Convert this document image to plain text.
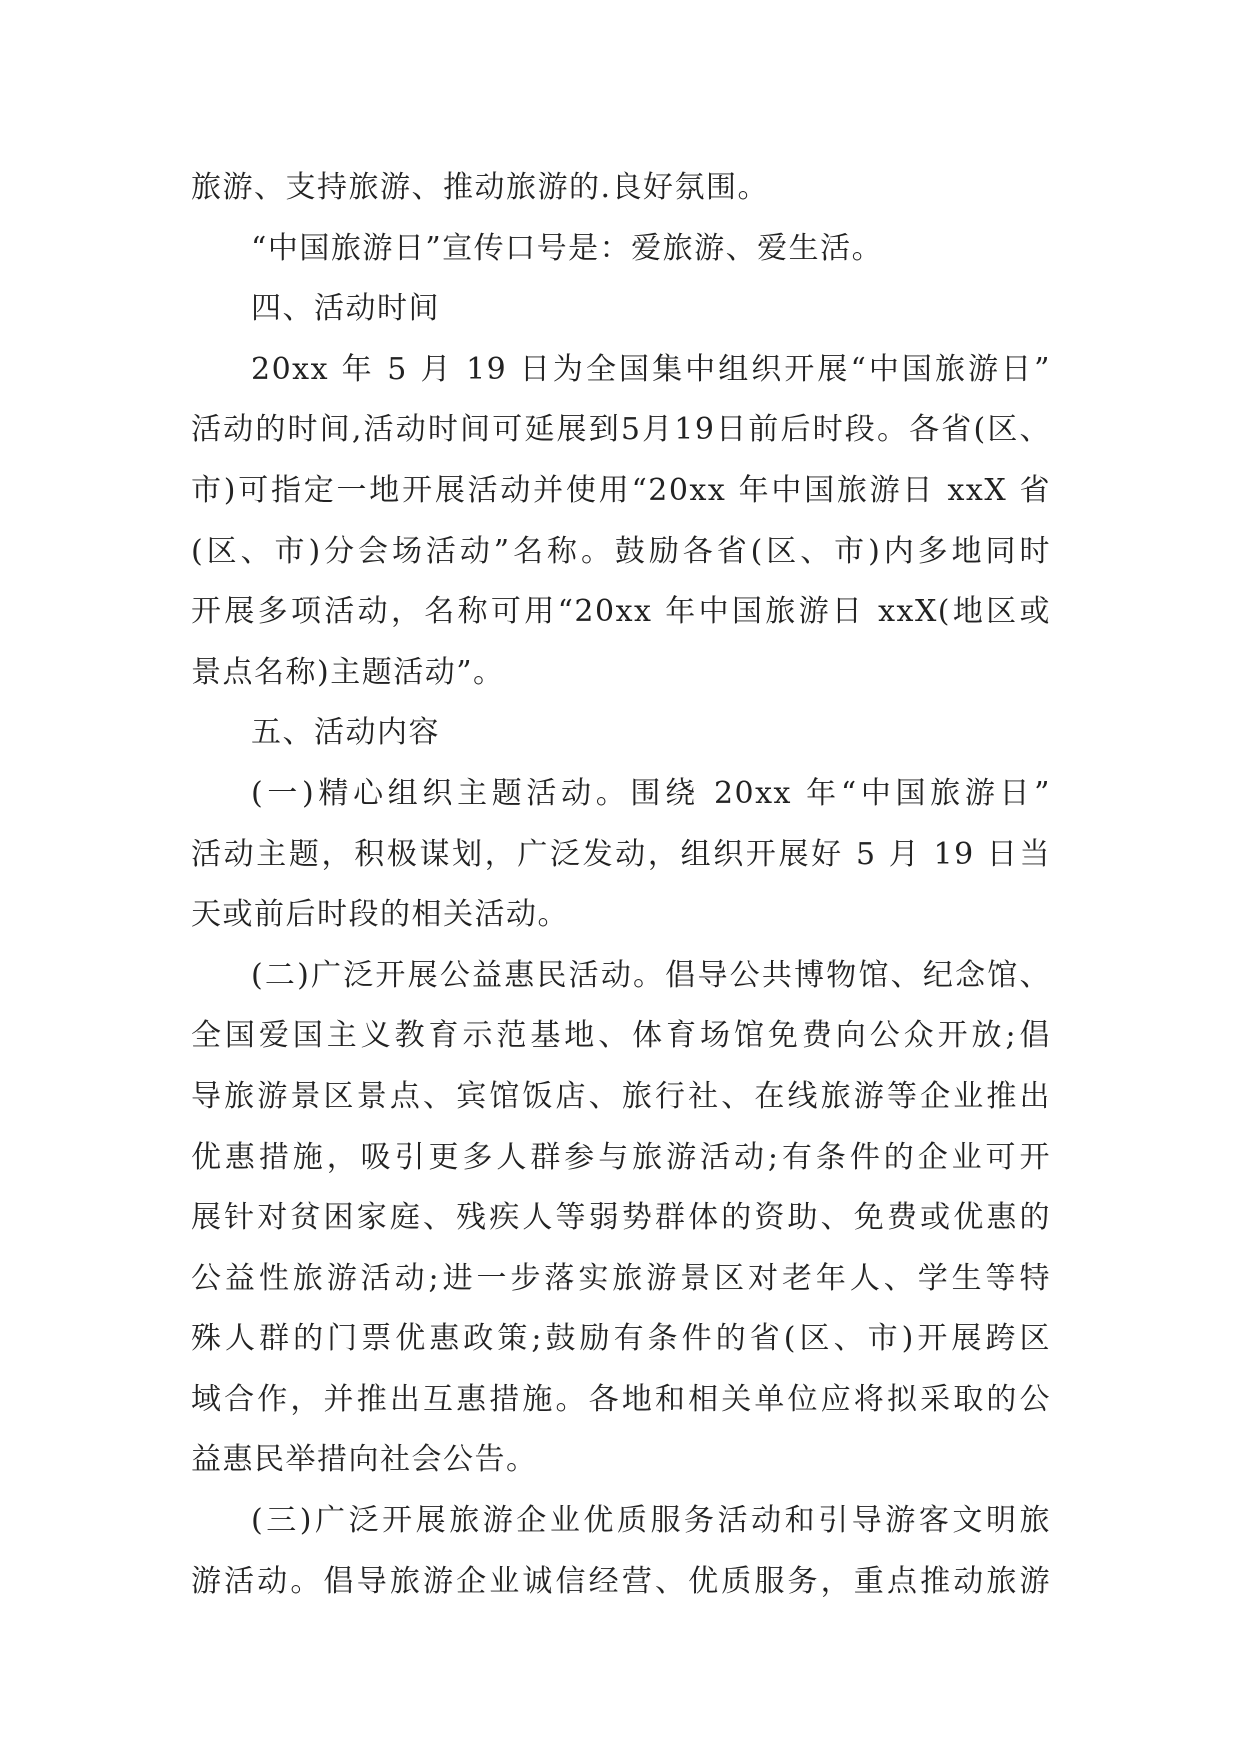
旅游、支持旅游、推动旅游的.良好氛围。
“中国旅游日”宣传口号是：爱旅游、爱生活。
四、活动时间
20xx 年 5 月 19 日为全国集中组织开展“中国旅游日”
活动的时间,活动时间可延展到5月19日前后时段。各省(区、
市)可指定一地开展活动并使用“20xx 年中国旅游日 xxX 省
(区、市)分会场活动”名称。鼓励各省(区、市)内多地同时
开展多项活动，名称可用“20xx 年中国旅游日 xxX(地区或
景点名称)主题活动”。
五、活动内容
(一)精心组织主题活动。围绕 20xx 年“中国旅游日”
活动主题，积极谋划，广泛发动，组织开展好 5 月 19 日当
天或前后时段的相关活动。
(二)广泛开展公益惠民活动。倡导公共博物馆、纪念馆、
全国爱国主义教育示范基地、体育场馆免费向公众开放;倡
导旅游景区景点、宾馆饭店、旅行社、在线旅游等企业推出
优惠措施，吸引更多人群参与旅游活动;有条件的企业可开
展针对贫困家庭、残疾人等弱势群体的资助、免费或优惠的
公益性旅游活动;进一步落实旅游景区对老年人、学生等特
殊人群的门票优惠政策;鼓励有条件的省(区、市)开展跨区
域合作，并推出互惠措施。各地和相关单位应将拟采取的公
益惠民举措向社会公告。
(三)广泛开展旅游企业优质服务活动和引导游客文明旅
游活动。倡导旅游企业诚信经营、优质服务，重点推动旅游
